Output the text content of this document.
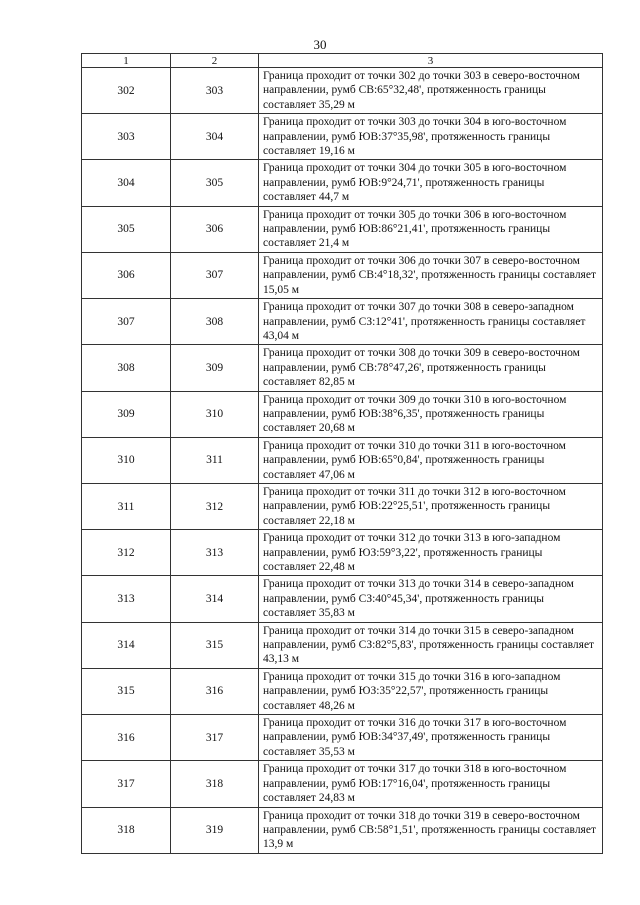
30
1	2	3
302	303	Граница проходит от точки 302 до точки 303 в северо-восточном направлении, румб СВ:65°32,48', протяженность границы составляет 35,29 м
303	304	Граница проходит от точки 303 до точки 304 в юго-восточном направлении, румб ЮВ:37°35,98', протяженность границы составляет 19,16 м
304	305	Граница проходит от точки 304 до точки 305 в юго-восточном направлении, румб ЮВ:9°24,71', протяженность границы составляет 44,7 м
305	306	Граница проходит от точки 305 до точки 306 в юго-восточном направлении, румб ЮВ:86°21,41', протяженность границы составляет 21,4 м
306	307	Граница проходит от точки 306 до точки 307 в северо-восточном направлении, румб СВ:4°18,32', протяженность границы составляет 15,05 м
307	308	Граница проходит от точки 307 до точки 308 в северо-западном направлении, румб СЗ:12°41', протяженность границы составляет 43,04 м
308	309	Граница проходит от точки 308 до точки 309 в северо-восточном направлении, румб СВ:78°47,26', протяженность границы составляет 82,85 м
309	310	Граница проходит от точки 309 до точки 310 в юго-восточном направлении, румб ЮВ:38°6,35', протяженность границы составляет 20,68 м
310	311	Граница проходит от точки 310 до точки 311 в юго-восточном направлении, румб ЮВ:65°0,84', протяженность границы составляет 47,06 м
311	312	Граница проходит от точки 311 до точки 312 в юго-восточном направлении, румб ЮВ:22°25,51', протяженность границы составляет 22,18 м
312	313	Граница проходит от точки 312 до точки 313 в юго-западном направлении, румб ЮЗ:59°3,22', протяженность границы составляет 22,48 м
313	314	Граница проходит от точки 313 до точки 314 в северо-западном направлении, румб СЗ:40°45,34', протяженность границы составляет 35,83 м
314	315	Граница проходит от точки 314 до точки 315 в северо-западном направлении, румб СЗ:82°5,83', протяженность границы составляет 43,13 м
315	316	Граница проходит от точки 315 до точки 316 в юго-западном направлении, румб ЮЗ:35°22,57', протяженность границы составляет 48,26 м
316	317	Граница проходит от точки 316 до точки 317 в юго-восточном направлении, румб ЮВ:34°37,49', протяженность границы составляет 35,53 м
317	318	Граница проходит от точки 317 до точки 318 в юго-восточном направлении, румб ЮВ:17°16,04', протяженность границы составляет 24,83 м
318	319	Граница проходит от точки 318 до точки 319 в северо-восточном направлении, румб СВ:58°1,51', протяженность границы составляет 13,9 м
